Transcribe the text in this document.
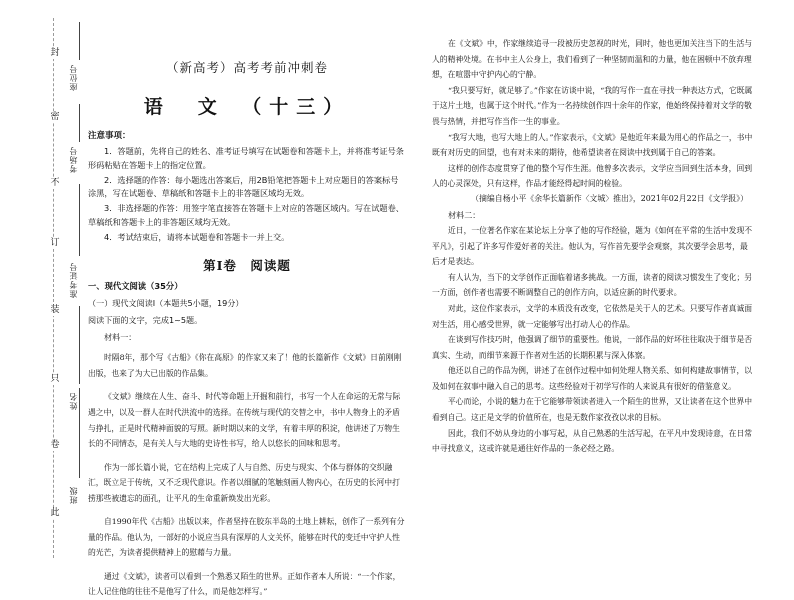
此
卷
只
装
订
不
密
封
班级
姓名
准考证号
考场号
座位号	（新高考）高考考前冲刺卷
语　文　（十三）
注意事项：
1．答题前，先将自己的姓名、准考证号填写在试题卷和答题卡上，并将准考证号条形码粘贴在答题卡上的指定位置。
2．选择题的作答：每小题选出答案后，用2B铅笔把答题卡上对应题目的答案标号涂黑，写在试题卷、草稿纸和答题卡上的非答题区域均无效。
3．非选择题的作答：用签字笔直接答在答题卡上对应的答题区域内。写在试题卷、草稿纸和答题卡上的非答题区域均无效。
4．考试结束后，请将本试题卷和答题卡一并上交。
第Ⅰ卷　阅读题
一、现代文阅读（35分）
（一）现代文阅读Ⅰ（本题共5小题，19分）
阅读下面的文字，完成1~5题。
材料一：

时隔8年，那个写《古船》《你在高原》的作家又来了！他的长篇新作《文斌》日前刚刚出版，也来了为大已出版的作品集。

《文斌》继续在人生、奋斗、时代等命题上开掘和前行，书写一个人在命运的无常与际遇之中，以及一群人在时代洪流中的选择。在传统与现代的交替之中，书中人物身上的矛盾与挣扎，正是时代精神面貌的写照。新时期以来的文学，有着丰厚的积淀，他讲述了万物生长的不同情态，是有关人与大地的史诗性书写，给人以悠长的回味和思考。

作为一部长篇小说，它在结构上完成了人与自然、历史与现实、个体与群体的交织融汇，既立足于传统，又不乏现代意识。作者以细腻的笔触刻画人物内心，在历史的长河中打捞那些被遗忘的面孔，让平凡的生命重新焕发出光彩。

自1990年代《古船》出版以来，作者坚持在胶东半岛的土地上耕耘，创作了一系列有分量的作品。他认为，一部好的小说应当具有深厚的人文关怀，能够在时代的变迁中守护人性的光芒，为读者提供精神上的慰藉与力量。

通过《文斌》，读者可以看到一个熟悉又陌生的世界。正如作者本人所说：“一个作家，让人记住他的往往不是他写了什么，而是他怎样写。”

在《文斌》中，作家继续追寻一段被历史忽视的时光，同时，他也更加关注当下的生活与人的精神处境。在书中主人公身上，我们看到了一种坚韧而温和的力量，他在困顿中不放弃理想，在喧嚣中守护内心的宁静。

“我只要写好，就足够了。”作家在访谈中说，“我的写作一直在寻找一种表达方式，它既属于这片土地，也属于这个时代。”作为一名持续创作四十余年的作家，他始终保持着对文学的敬畏与热情，并把写作当作一生的事业。

“我写大地，也写大地上的人。”作家表示，《文斌》是他近年来最为用心的作品之一，书中既有对历史的回望，也有对未来的期待，他希望读者在阅读中找到属于自己的答案。

这样的创作态度贯穿了他的整个写作生涯。他曾多次表示，文学应当回到生活本身，回到人的心灵深处，只有这样，作品才能经得起时间的检验。

（摘编自杨小平《余华长篇新作〈文城〉推出》，2021年02月22日《文学报》）
材料二：

近日，一位著名作家在某论坛上分享了他的写作经验，题为《如何在平常的生活中发现不平凡》，引起了许多写作爱好者的关注。他认为，写作首先要学会观察，其次要学会思考，最后才是表达。

有人认为，当下的文学创作正面临着诸多挑战。一方面，读者的阅读习惯发生了变化；另一方面，创作者也需要不断调整自己的创作方向，以适应新的时代要求。

对此，这位作家表示，文学的本质没有改变，它依然是关于人的艺术。只要写作者真诚面对生活，用心感受世界，就一定能够写出打动人心的作品。

在谈到写作技巧时，他强调了细节的重要性。他说，一部作品的好坏往往取决于细节是否真实、生动，而细节来源于作者对生活的长期积累与深入体察。

他还以自己的作品为例，讲述了在创作过程中如何处理人物关系、如何构建故事情节，以及如何在叙事中融入自己的思考。这些经验对于初学写作的人来说具有很好的借鉴意义。

平心而论，小说的魅力在于它能够带领读者进入一个陌生的世界，又让读者在这个世界中看到自己。这正是文学的价值所在，也是无数作家孜孜以求的目标。

因此，我们不妨从身边的小事写起，从自己熟悉的生活写起，在平凡中发现诗意，在日常中寻找意义，这或许就是通往好作品的一条必经之路。
